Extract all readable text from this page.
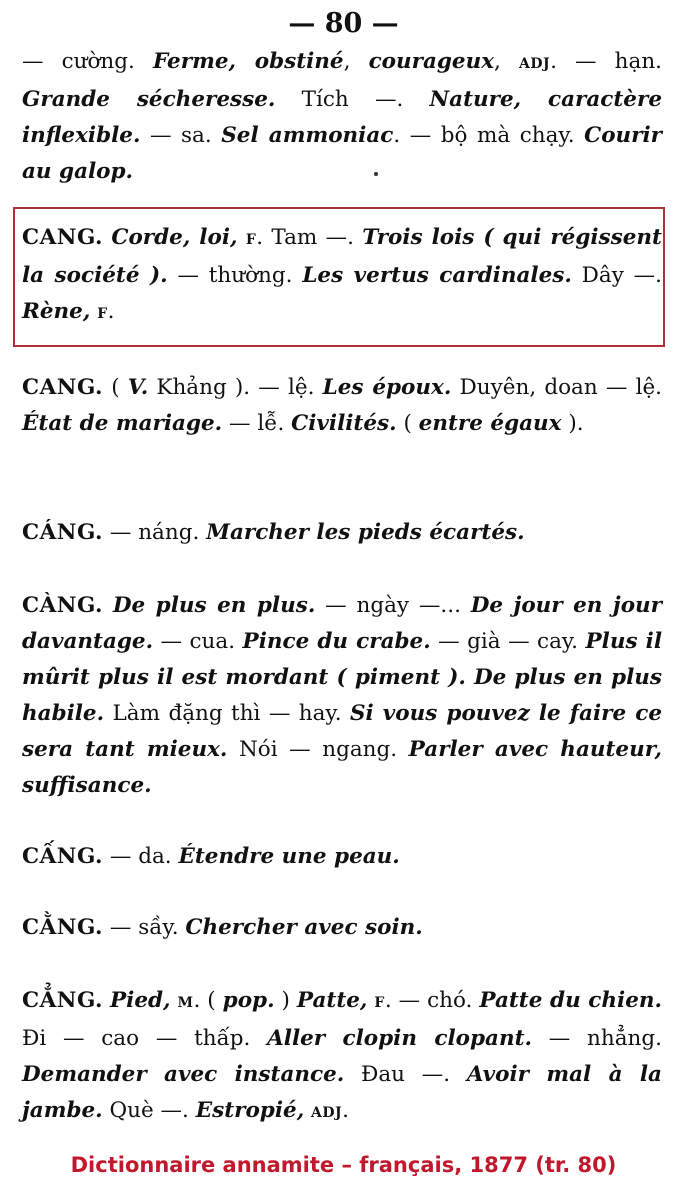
— 80 —
— cường. Ferme, obstiné, courageux, ADJ. — hạn. Grande sécheresse. Tích —. Nature, caractère inflexible. — sa. Sel ammoniac. — bộ mà chạy. Courir au galop.
CANG. Corde, loi, F. Tam —. Trois lois ( qui régissent la société ). — thường. Les vertus cardinales. Dây —. Rène, F.
CANG. ( V. Khảng ). — lệ. Les époux. Duyên, doan — lệ. État de mariage. — lễ. Civilités. ( entre égaux ).
CÁNG. — náng. Marcher les pieds écartés.
CÀNG. De plus en plus. — ngày —... De jour en jour davantage. — cua. Pince du crabe. — già — cay. Plus il mûrit plus il est mordant ( piment ). De plus en plus habile. Làm đặng thì — hay. Si vous pouvez le faire ce sera tant mieux. Nói — ngang. Parler avec hauteur, suffisance.
CẤNG. — da. Étendre une peau.
CẰNG. — sầy. Chercher avec soin.
CẲNG. Pied, M. ( pop. ) Patte, F. — chó. Patte du chien. Đi — cao — thấp. Aller clopin clopant. — nhẳng. Demander avec instance. Đau —. Avoir mal à la jambe. Què —. Estropié, ADJ.
Dictionnaire annamite – français, 1877 (tr. 80)
